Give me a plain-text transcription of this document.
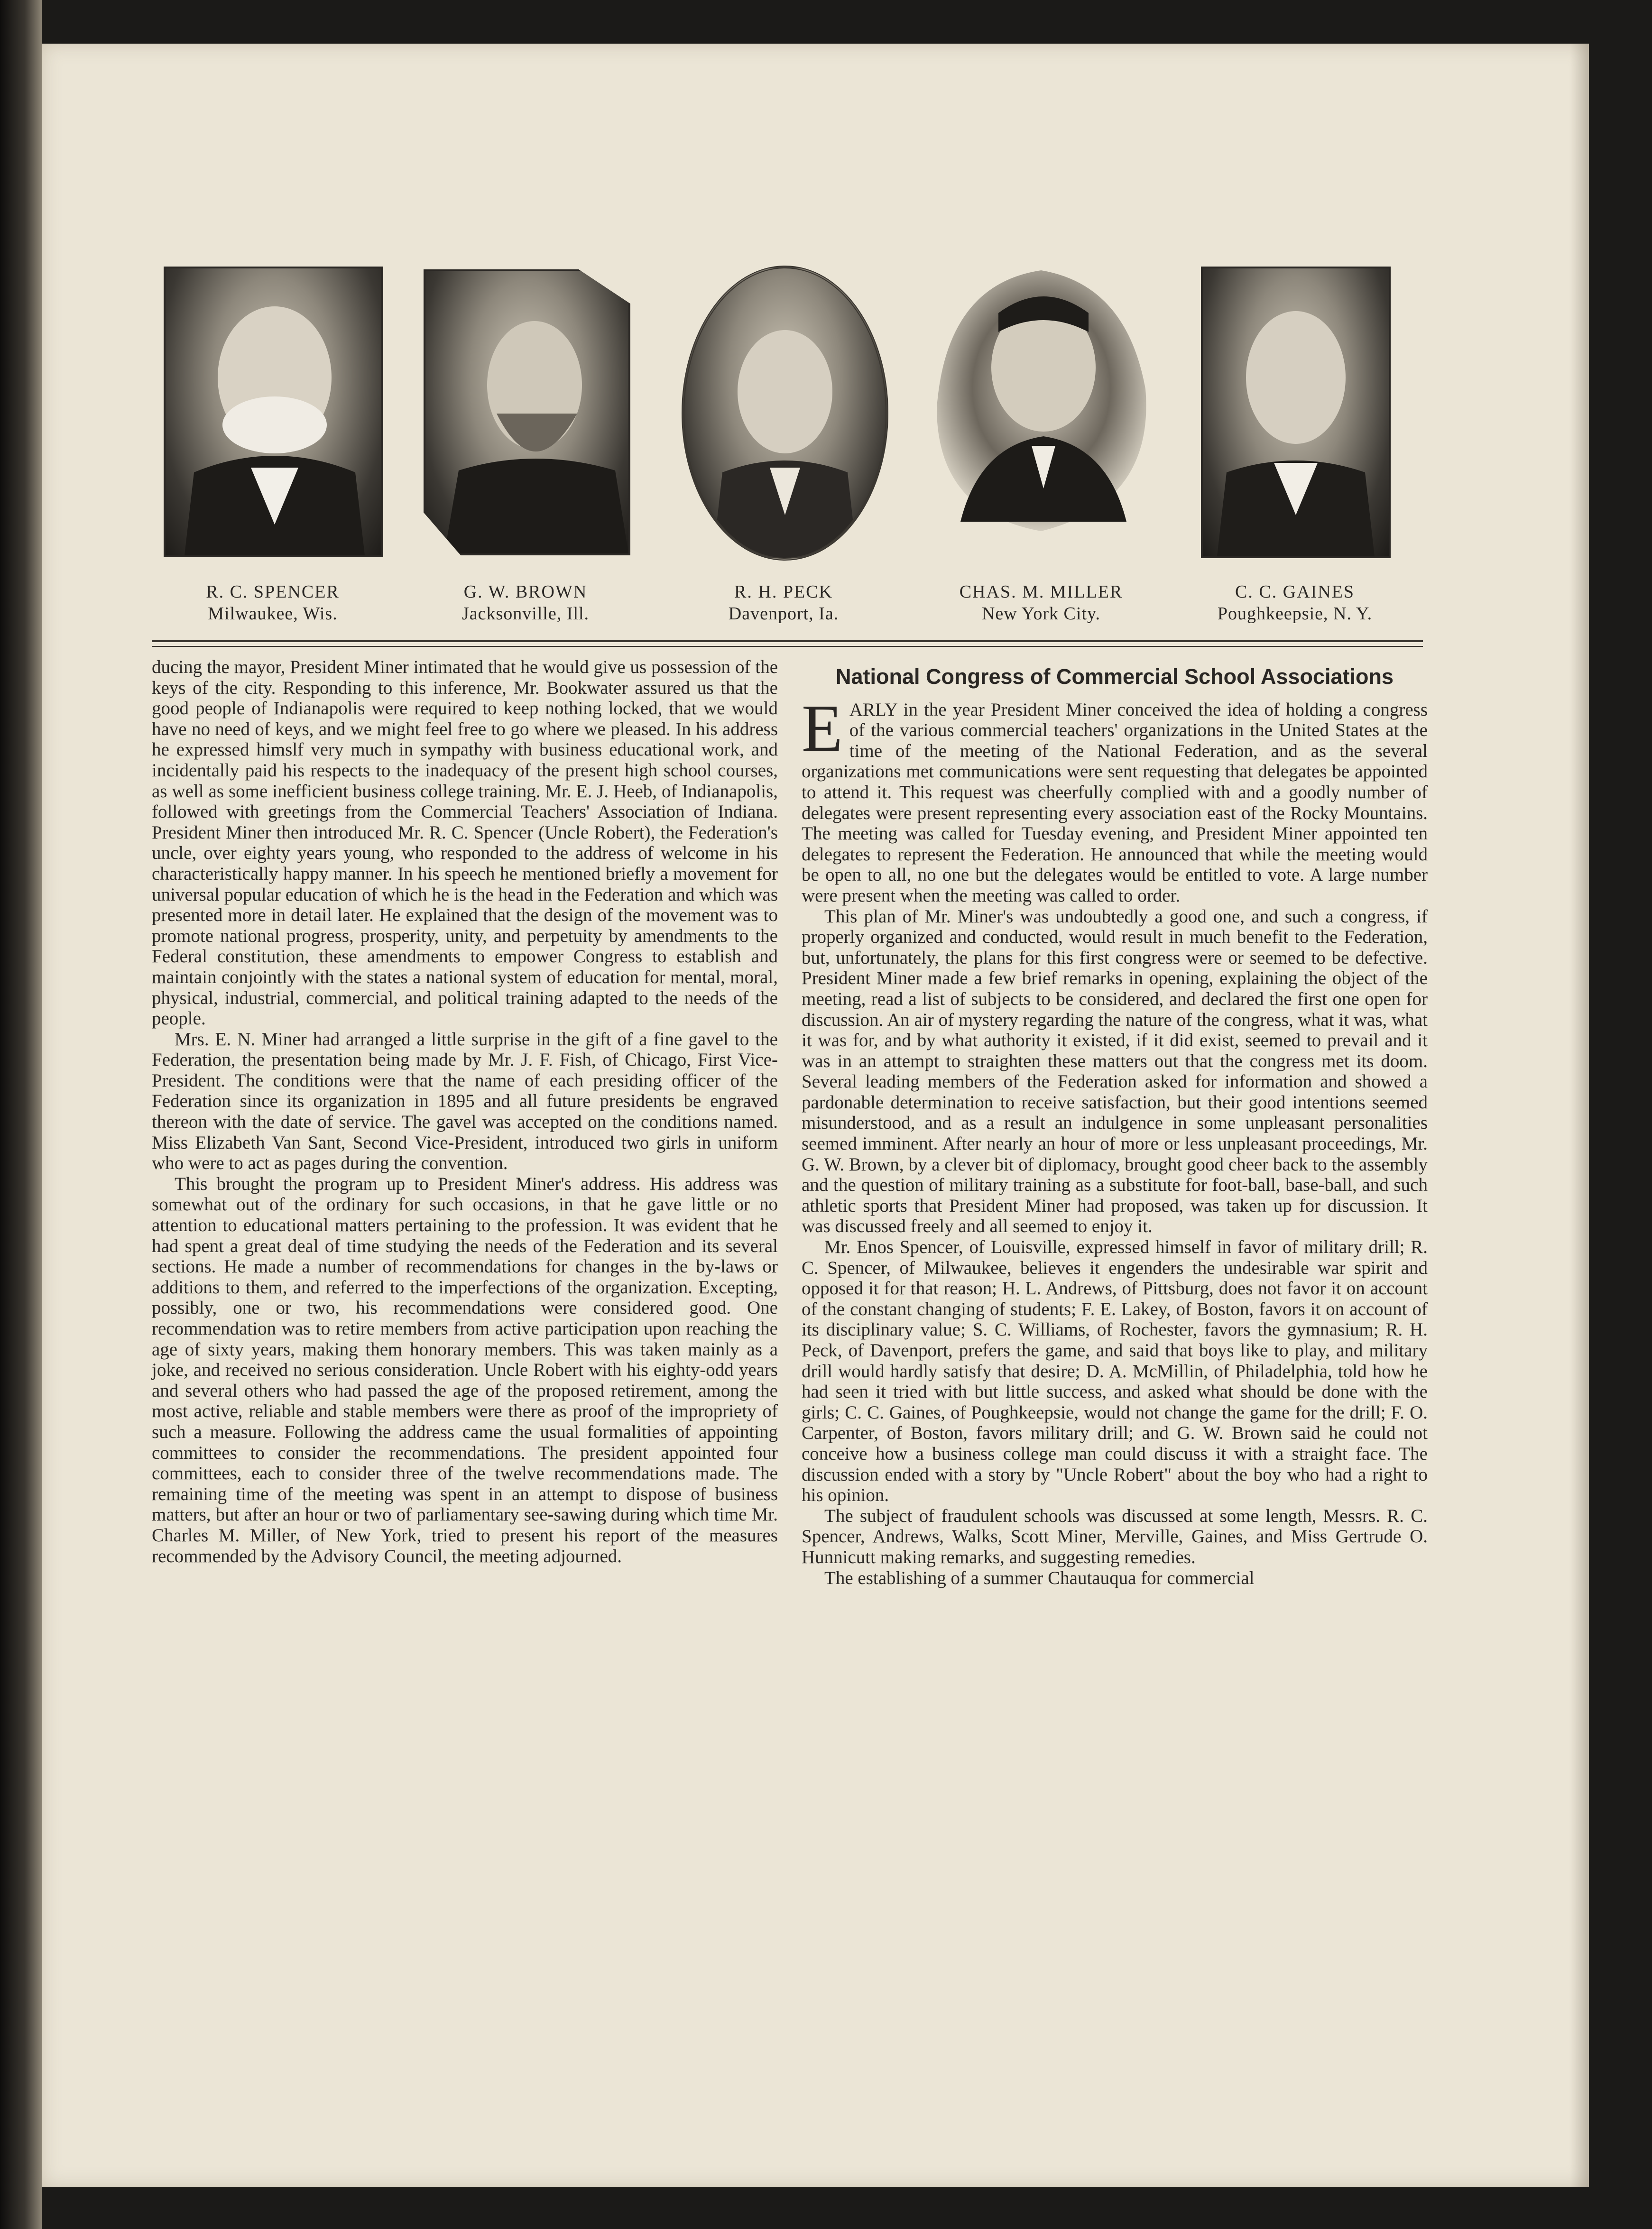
R. C. SPENCER
Milwaukee, Wis.
G. W. BROWN
Jacksonville, Ill.
R. H. PECK
Davenport, Ia.
CHAS. M. MILLER
New York City.
C. C. GAINES
Poughkeepsie, N. Y.

ducing the mayor, President Miner intimated that he would give us possession of the keys of the city. Responding to this inference, Mr. Bookwater assured us that the good people of Indianapolis were required to keep nothing locked, that we would have no need of keys, and we might feel free to go where we pleased. In his address he expressed himslf very much in sympathy with business educational work, and incidentally paid his respects to the inadequacy of the present high school courses, as well as some inefficient business college training. Mr. E. J. Heeb, of Indianapolis, followed with greetings from the Commercial Teachers' Association of Indiana. President Miner then introduced Mr. R. C. Spencer (Uncle Robert), the Federation's uncle, over eighty years young, who responded to the address of welcome in his characteristically happy manner. In his speech he mentioned briefly a movement for universal popular education of which he is the head in the Federation and which was presented more in detail later. He explained that the design of the movement was to promote national progress, prosperity, unity, and perpetuity by amendments to the Federal constitution, these amendments to empower Congress to establish and maintain conjointly with the states a national system of education for mental, moral, physical, industrial, commercial, and political training adapted to the needs of the people.

Mrs. E. N. Miner had arranged a little surprise in the gift of a fine gavel to the Federation, the presentation being made by Mr. J. F. Fish, of Chicago, First Vice-President. The conditions were that the name of each presiding officer of the Federation since its organization in 1895 and all future presidents be engraved thereon with the date of service. The gavel was accepted on the conditions named. Miss Elizabeth Van Sant, Second Vice-President, introduced two girls in uniform who were to act as pages during the convention.

This brought the program up to President Miner's address. His address was somewhat out of the ordinary for such occasions, in that he gave little or no attention to educational matters pertaining to the profession. It was evident that he had spent a great deal of time studying the needs of the Federation and its several sections. He made a number of recommendations for changes in the by-laws or additions to them, and referred to the imperfections of the organization. Excepting, possibly, one or two, his recommendations were considered good. One recommendation was to retire members from active participation upon reaching the age of sixty years, making them honorary members. This was taken mainly as a joke, and received no serious consideration. Uncle Robert with his eighty-odd years and several others who had passed the age of the proposed retirement, among the most active, reliable and stable members were there as proof of the impropriety of such a measure. Following the address came the usual formalities of appointing committees to consider the recommendations. The president appointed four committees, each to consider three of the twelve recommendations made. The remaining time of the meeting was spent in an attempt to dispose of business matters, but after an hour or two of parliamentary see-sawing during which time Mr. Charles M. Miller, of New York, tried to present his report of the measures recommended by the Advisory Council, the meeting adjourned.

National Congress of Commercial School Associations

EARLY in the year President Miner conceived the idea of holding a congress of the various commercial teachers' organizations in the United States at the time of the meeting of the National Federation, and as the several organizations met communications were sent requesting that delegates be appointed to attend it. This request was cheerfully complied with and a goodly number of delegates were present representing every association east of the Rocky Mountains. The meeting was called for Tuesday evening, and President Miner appointed ten delegates to represent the Federation. He announced that while the meeting would be open to all, no one but the delegates would be entitled to vote. A large number were present when the meeting was called to order.

This plan of Mr. Miner's was undoubtedly a good one, and such a congress, if properly organized and conducted, would result in much benefit to the Federation, but, unfortunately, the plans for this first congress were or seemed to be defective. President Miner made a few brief remarks in opening, explaining the object of the meeting, read a list of subjects to be considered, and declared the first one open for discussion. An air of mystery regarding the nature of the congress, what it was, what it was for, and by what authority it existed, if it did exist, seemed to prevail and it was in an attempt to straighten these matters out that the congress met its doom. Several leading members of the Federation asked for information and showed a pardonable determination to receive satisfaction, but their good intentions seemed misunderstood, and as a result an indulgence in some unpleasant personalities seemed imminent. After nearly an hour of more or less unpleasant proceedings, Mr. G. W. Brown, by a clever bit of diplomacy, brought good cheer back to the assembly and the question of military training as a substitute for foot-ball, base-ball, and such athletic sports that President Miner had proposed, was taken up for discussion. It was discussed freely and all seemed to enjoy it.

Mr. Enos Spencer, of Louisville, expressed himself in favor of military drill; R. C. Spencer, of Milwaukee, believes it engenders the undesirable war spirit and opposed it for that reason; H. L. Andrews, of Pittsburg, does not favor it on account of the constant changing of students; F. E. Lakey, of Boston, favors it on account of its disciplinary value; S. C. Williams, of Rochester, favors the gymnasium; R. H. Peck, of Davenport, prefers the game, and said that boys like to play, and military drill would hardly satisfy that desire; D. A. McMillin, of Philadelphia, told how he had seen it tried with but little success, and asked what should be done with the girls; C. C. Gaines, of Poughkeepsie, would not change the game for the drill; F. O. Carpenter, of Boston, favors military drill; and G. W. Brown said he could not conceive how a business college man could discuss it with a straight face. The discussion ended with a story by "Uncle Robert" about the boy who had a right to his opinion.

The subject of fraudulent schools was discussed at some length, Messrs. R. C. Spencer, Andrews, Walks, Scott Miner, Merville, Gaines, and Miss Gertrude O. Hunnicutt making remarks, and suggesting remedies.

The establishing of a summer Chautauqua for commercial
